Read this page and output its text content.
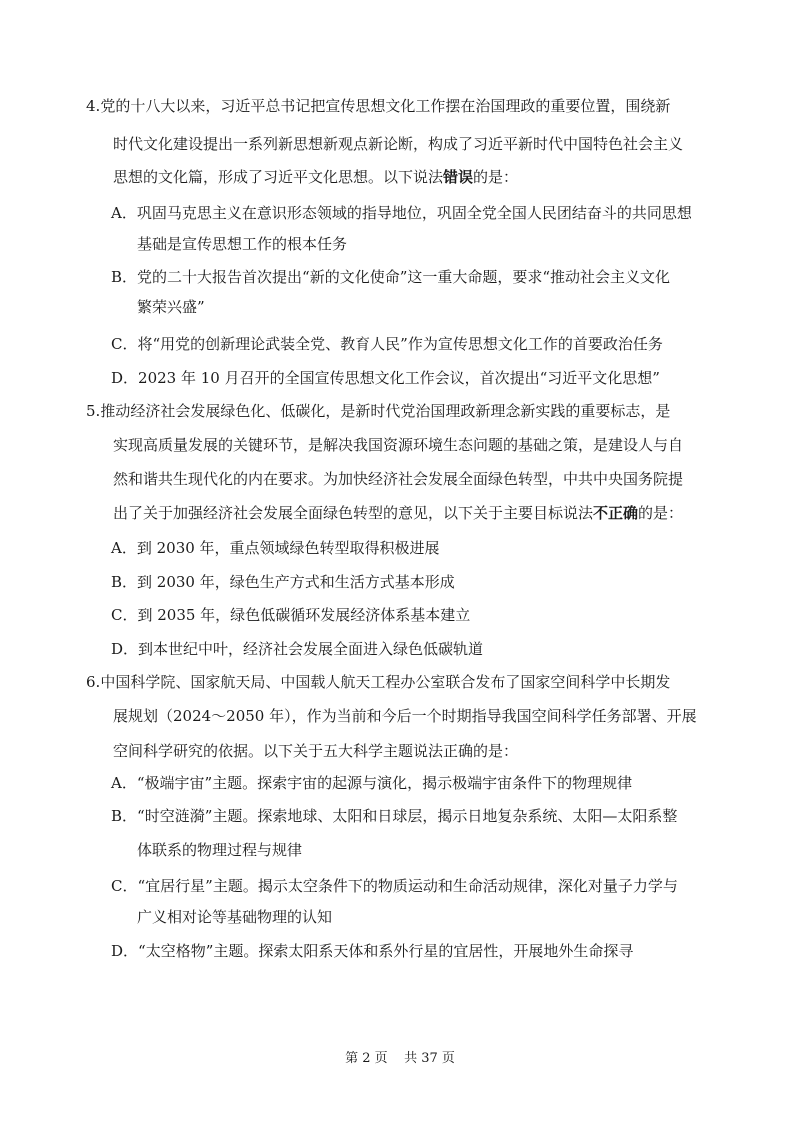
4.党的十八大以来，习近平总书记把宣传思想文化工作摆在治国理政的重要位置，围绕新
时代文化建设提出一系列新思想新观点新论断，构成了习近平新时代中国特色社会主义
思想的文化篇，形成了习近平文化思想。以下说法错误的是：
A．巩固马克思主义在意识形态领域的指导地位，巩固全党全国人民团结奋斗的共同思想
基础是宣传思想工作的根本任务
B．党的二十大报告首次提出“新的文化使命”这一重大命题，要求“推动社会主义文化
繁荣兴盛”
C．将“用党的创新理论武装全党、教育人民”作为宣传思想文化工作的首要政治任务
D．2023 年 10 月召开的全国宣传思想文化工作会议，首次提出“习近平文化思想”
5.推动经济社会发展绿色化、低碳化，是新时代党治国理政新理念新实践的重要标志，是
实现高质量发展的关键环节，是解决我国资源环境生态问题的基础之策，是建设人与自
然和谐共生现代化的内在要求。为加快经济社会发展全面绿色转型，中共中央国务院提
出了关于加强经济社会发展全面绿色转型的意见，以下关于主要目标说法不正确的是：
A．到 2030 年，重点领域绿色转型取得积极进展
B．到 2030 年，绿色生产方式和生活方式基本形成
C．到 2035 年，绿色低碳循环发展经济体系基本建立
D．到本世纪中叶，经济社会发展全面进入绿色低碳轨道
6.中国科学院、国家航天局、中国载人航天工程办公室联合发布了国家空间科学中长期发
展规划（2024～2050 年），作为当前和今后一个时期指导我国空间科学任务部署、开展
空间科学研究的依据。以下关于五大科学主题说法正确的是：
A．“极端宇宙”主题。探索宇宙的起源与演化，揭示极端宇宙条件下的物理规律
B．“时空涟漪”主题。探索地球、太阳和日球层，揭示日地复杂系统、太阳—太阳系整
体联系的物理过程与规律
C．“宜居行星”主题。揭示太空条件下的物质运动和生命活动规律，深化对量子力学与
广义相对论等基础物理的认知
D．“太空格物”主题。探索太阳系天体和系外行星的宜居性，开展地外生命探寻
第 2 页    共 37 页
